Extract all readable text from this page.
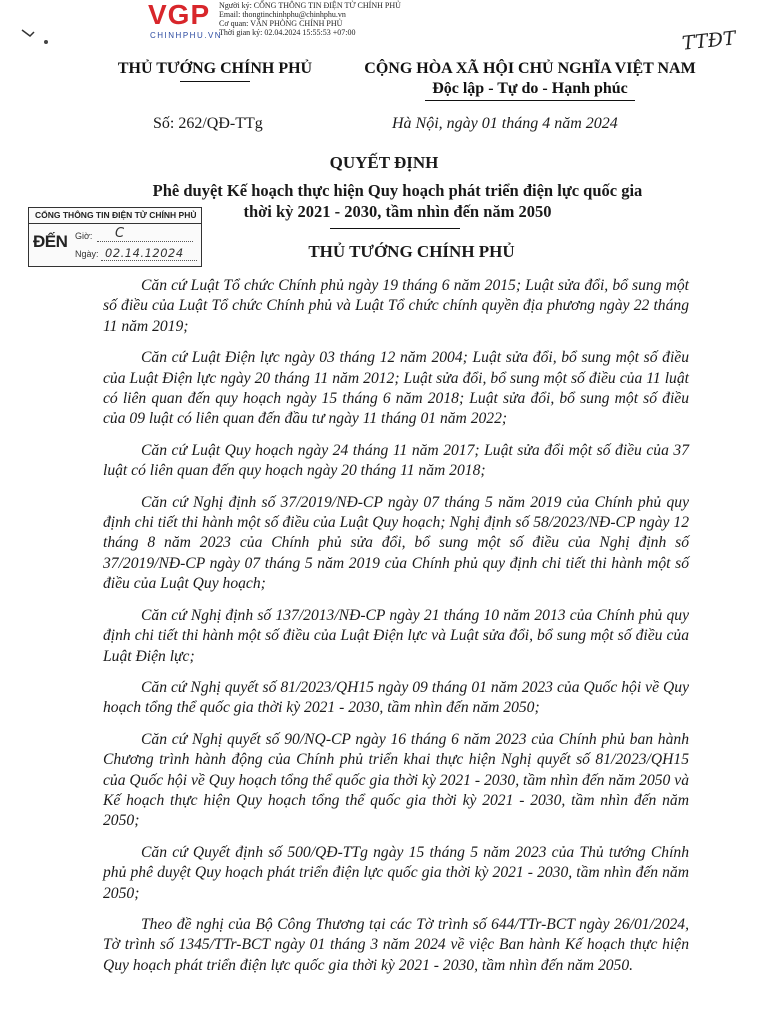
VGP
CHINHPHU.VN
Người ký: CỔNG THÔNG TIN ĐIỆN TỬ CHÍNH PHỦ
Email: thongtinchinhphu@chinhphu.vn
Cơ quan: VĂN PHÒNG CHÍNH PHỦ
Thời gian ký: 02.04.2024 15:55:53 +07:00	TTĐT
THỦ TƯỚNG CHÍNH PHỦ	CỘNG HÒA XÃ HỘI CHỦ NGHĨA VIỆT NAM
Độc lập - Tự do - Hạnh phúc
Số: 262/QĐ-TTg	Hà Nội, ngày 01 tháng 4 năm 2024
QUYẾT ĐỊNH
Phê duyệt Kế hoạch thực hiện Quy hoạch phát triển điện lực quốc gia
thời kỳ 2021 - 2030, tầm nhìn đến năm 2050
CỔNG THÔNG TIN ĐIỆN TỬ CHÍNH PHỦ
ĐẾN Giờ: C
Ngày: 02.14.12024	THỦ TƯỚNG CHÍNH PHỦ

Căn cứ Luật Tổ chức Chính phủ ngày 19 tháng 6 năm 2015; Luật sửa đổi, bổ sung một số điều của Luật Tổ chức Chính phủ và Luật Tổ chức chính quyền địa phương ngày 22 tháng 11 năm 2019;

Căn cứ Luật Điện lực ngày 03 tháng 12 năm 2004; Luật sửa đổi, bổ sung một số điều của Luật Điện lực ngày 20 tháng 11 năm 2012; Luật sửa đổi, bổ sung một số điều của 11 luật có liên quan đến quy hoạch ngày 15 tháng 6 năm 2018; Luật sửa đổi, bổ sung một số điều của 09 luật có liên quan đến đầu tư ngày 11 tháng 01 năm 2022;

Căn cứ Luật Quy hoạch ngày 24 tháng 11 năm 2017; Luật sửa đổi một số điều của 37 luật có liên quan đến quy hoạch ngày 20 tháng 11 năm 2018;

Căn cứ Nghị định số 37/2019/NĐ-CP ngày 07 tháng 5 năm 2019 của Chính phủ quy định chi tiết thi hành một số điều của Luật Quy hoạch; Nghị định số 58/2023/NĐ-CP ngày 12 tháng 8 năm 2023 của Chính phủ sửa đổi, bổ sung một số điều của Nghị định số 37/2019/NĐ-CP ngày 07 tháng 5 năm 2019 của Chính phủ quy định chi tiết thi hành một số điều của Luật Quy hoạch;

Căn cứ Nghị định số 137/2013/NĐ-CP ngày 21 tháng 10 năm 2013 của Chính phủ quy định chi tiết thi hành một số điều của Luật Điện lực và Luật sửa đổi, bổ sung một số điều của Luật Điện lực;

Căn cứ Nghị quyết số 81/2023/QH15 ngày 09 tháng 01 năm 2023 của Quốc hội về Quy hoạch tổng thể quốc gia thời kỳ 2021 - 2030, tầm nhìn đến năm 2050;

Căn cứ Nghị quyết số 90/NQ-CP ngày 16 tháng 6 năm 2023 của Chính phủ ban hành Chương trình hành động của Chính phủ triển khai thực hiện Nghị quyết số 81/2023/QH15 của Quốc hội về Quy hoạch tổng thể quốc gia thời kỳ 2021 - 2030, tầm nhìn đến năm 2050 và Kế hoạch thực hiện Quy hoạch tổng thể quốc gia thời kỳ 2021 - 2030, tầm nhìn đến năm 2050;

Căn cứ Quyết định số 500/QĐ-TTg ngày 15 tháng 5 năm 2023 của Thủ tướng Chính phủ phê duyệt Quy hoạch phát triển điện lực quốc gia thời kỳ 2021 - 2030, tầm nhìn đến năm 2050;

Theo đề nghị của Bộ Công Thương tại các Tờ trình số 644/TTr-BCT ngày 26/01/2024, Tờ trình số 1345/TTr-BCT ngày 01 tháng 3 năm 2024 về việc Ban hành Kế hoạch thực hiện Quy hoạch phát triển điện lực quốc gia thời kỳ 2021 - 2030, tầm nhìn đến năm 2050.
